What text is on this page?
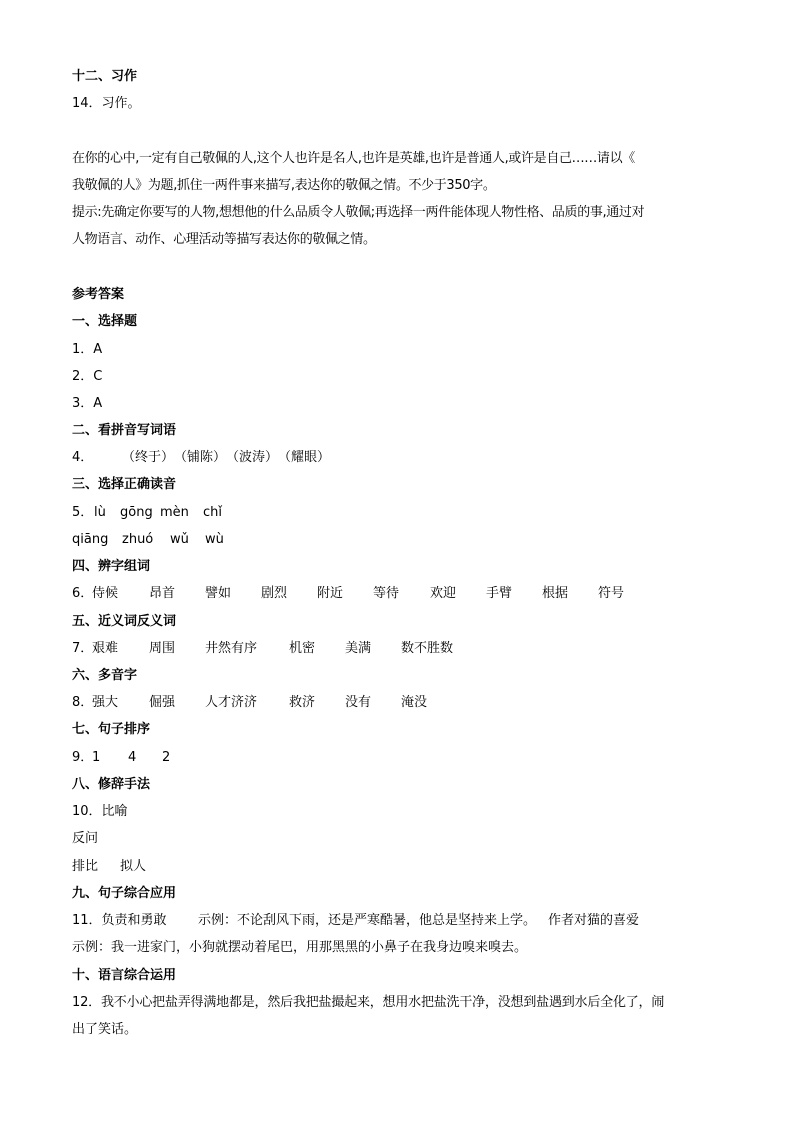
十二、习作
14．习作。
在你的心中,一定有自己敬佩的人,这个人也许是名人,也许是英雄,也许是普通人,或许是自己……请以《
我敬佩的人》为题,抓住一两件事来描写,表达你的敬佩之情。不少于350字。
提示:先确定你要写的人物,想想他的什么品质令人敬佩;再选择一两件能体现人物性格、品质的事,通过对
人物语言、动作、心理活动等描写表达你的敬佩之情。
参考答案
一、选择题
1．A
2．C
3．A
二、看拼音写词语
4． （终于）（铺陈）（波涛）（耀眼）
三、选择正确读音
5．lù gōng mèn chǐ
qiāng zhuó wǔ wù
四、辨字组词
6．侍候 昂首 譬如 剧烈 附近 等待 欢迎 手臂 根据 符号
五、近义词反义词
7．艰难 周围 井然有序 机密 美满 数不胜数
六、多音字
8．强大 倔强 人才济济 救济 没有 淹没
七、句子排序
9．1 4 2
八、修辞手法
10．比喻
反问
排比 拟人
九、句子综合应用
11．负责和勇敢 示例：不论刮风下雨，还是严寒酷暑，他总是坚持来上学。 作者对猫的喜爱
示例：我一进家门，小狗就摆动着尾巴，用那黑黑的小鼻子在我身边嗅来嗅去。
十、语言综合运用
12．我不小心把盐弄得满地都是，然后我把盐撮起来，想用水把盐洗干净，没想到盐遇到水后全化了，闹
出了笑话。
